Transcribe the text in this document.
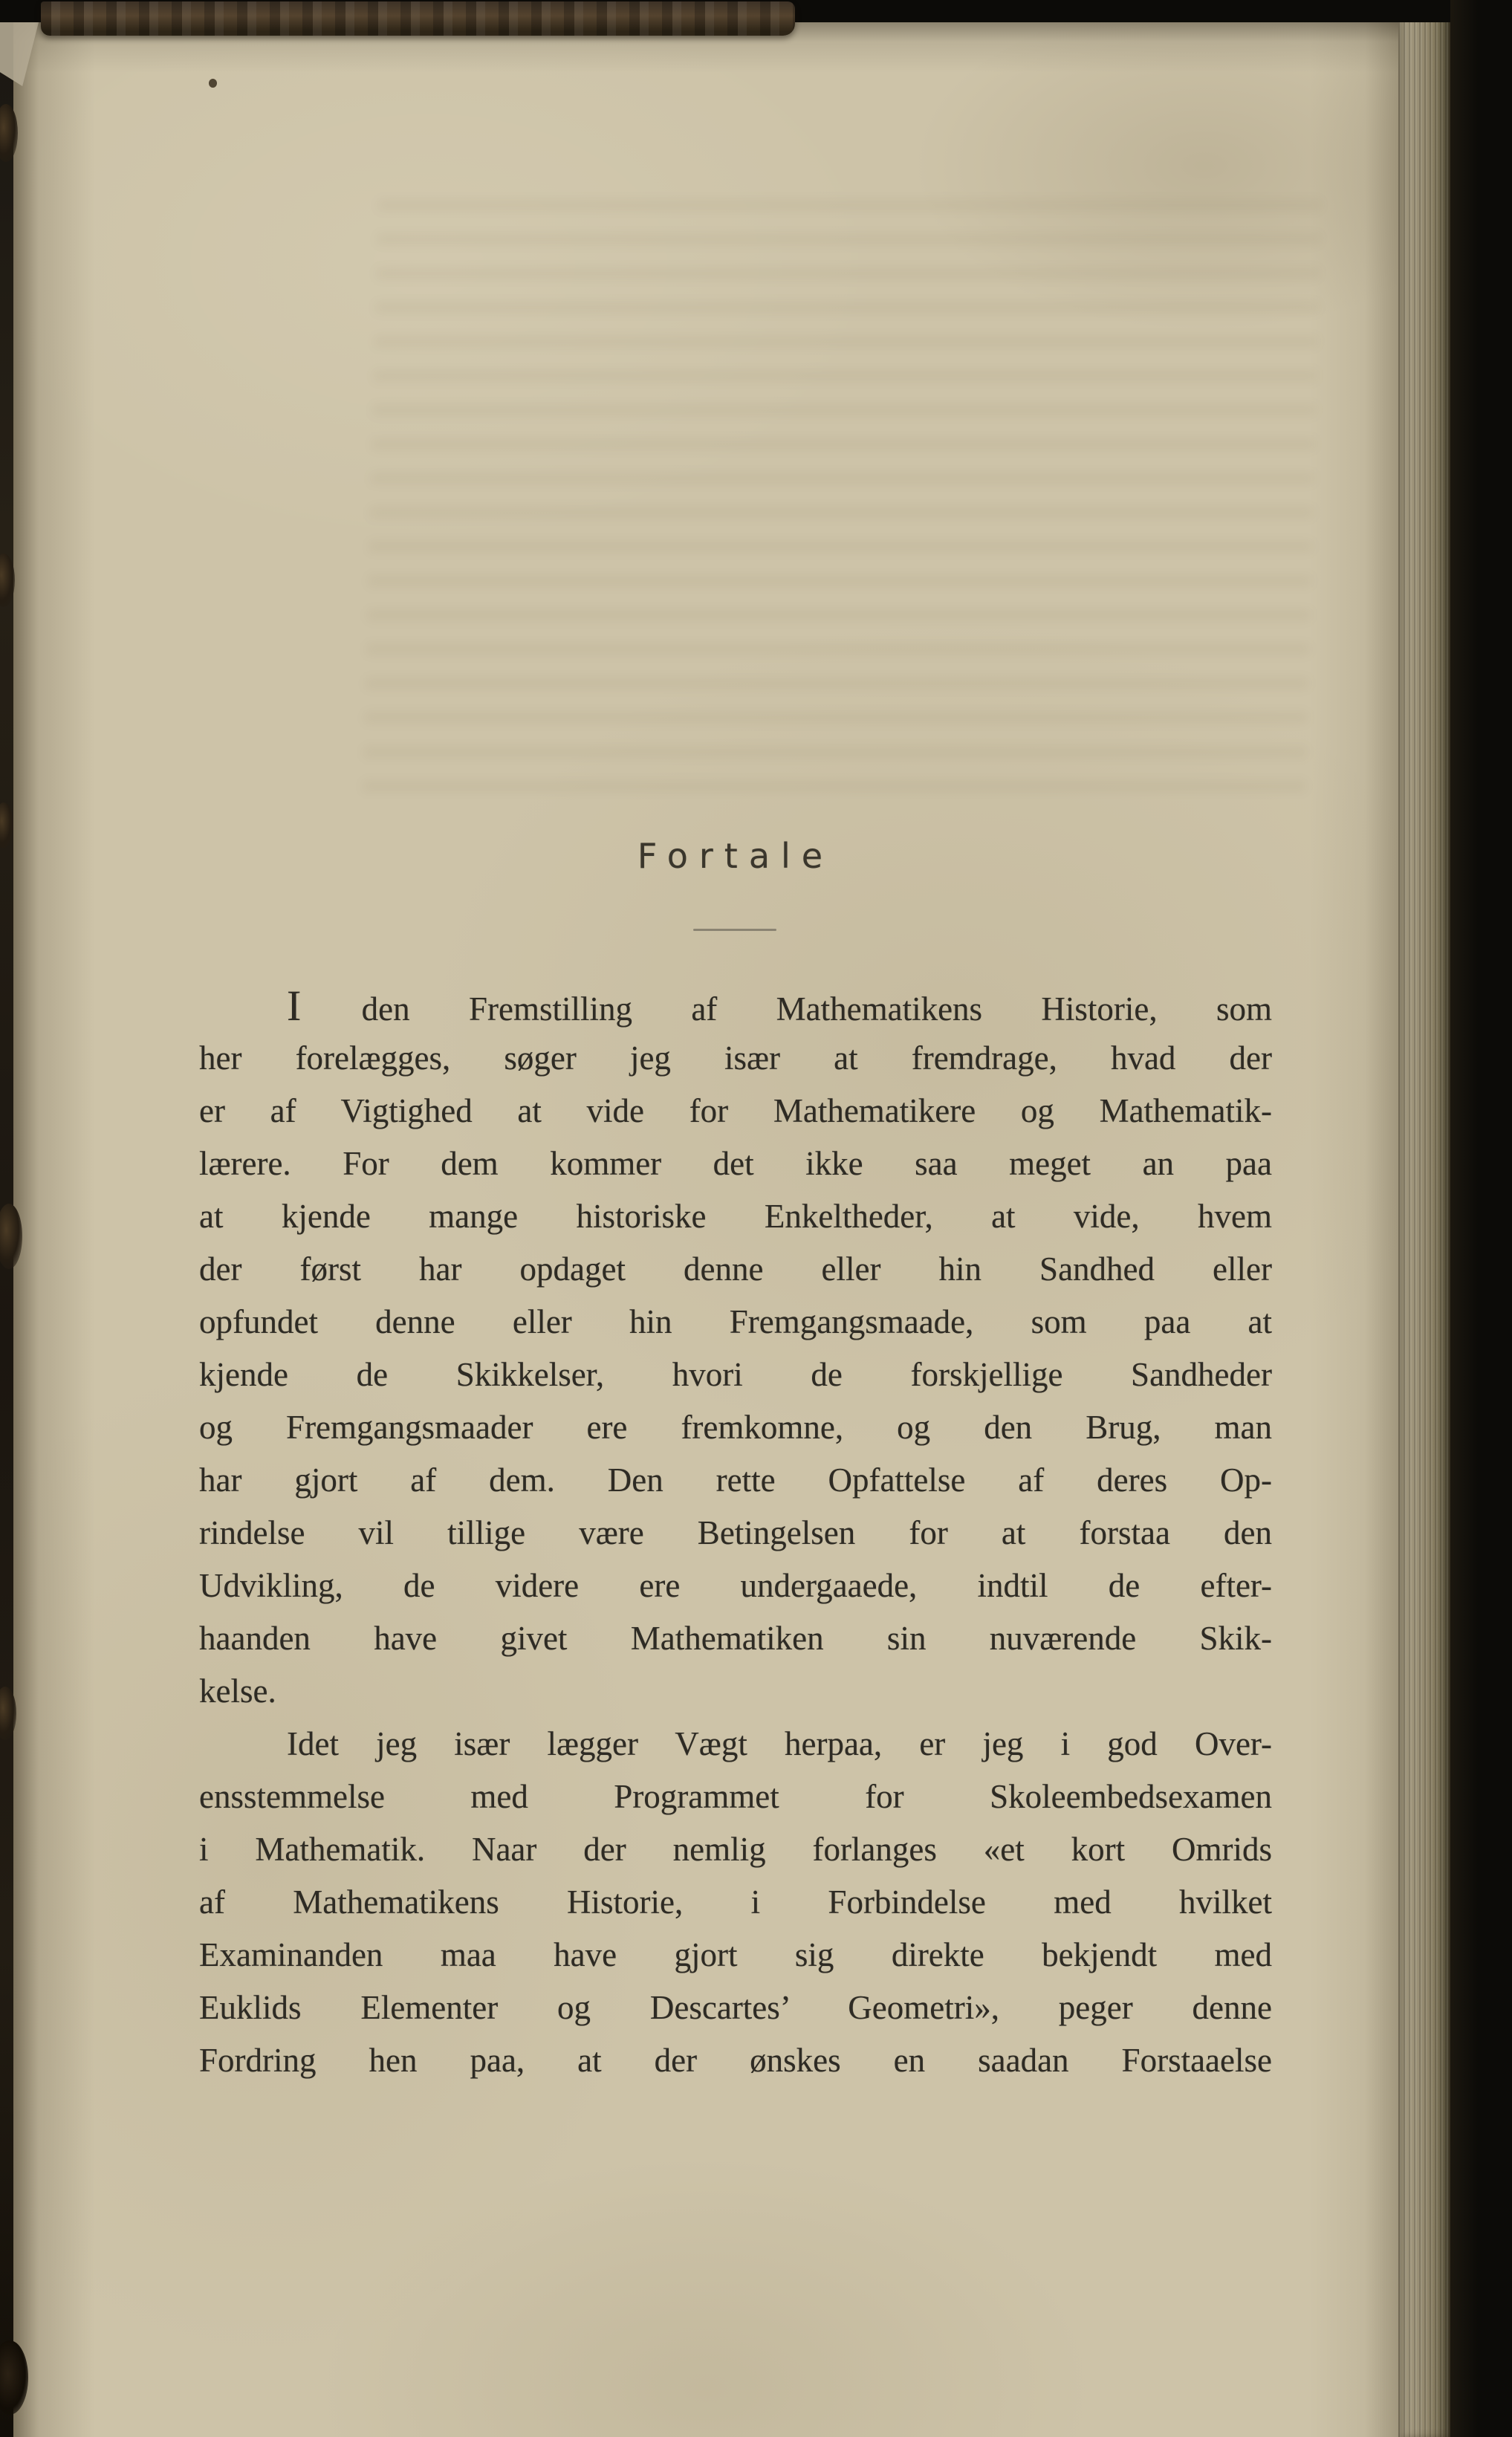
Fortale
I den Fremstilling af Mathematikens Historie, som
her forelægges, søger jeg især at fremdrage, hvad der
er af Vigtighed at vide for Mathematikere og Mathematik-
lærere. For dem kommer det ikke saa meget an paa
at kjende mange historiske Enkeltheder, at vide, hvem
der først har opdaget denne eller hin Sandhed eller
opfundet denne eller hin Fremgangsmaade, som paa at
kjende de Skikkelser, hvori de forskjellige Sandheder
og Fremgangsmaader ere fremkomne, og den Brug, man
har gjort af dem. Den rette Opfattelse af deres Op-
rindelse vil tillige være Betingelsen for at forstaa den
Udvikling, de videre ere undergaaede, indtil de efter-
haanden have givet Mathematiken sin nuværende Skik-
kelse.
Idet jeg især lægger Vægt herpaa, er jeg i god Over-
ensstemmelse med Programmet for Skoleembedsexamen
i Mathematik. Naar der nemlig forlanges «et kort Omrids
af Mathematikens Historie, i Forbindelse med hvilket
Examinanden maa have gjort sig direkte bekjendt med
Euklids Elementer og Descartes’ Geometri», peger denne
Fordring hen paa, at der ønskes en saadan Forstaaelse
